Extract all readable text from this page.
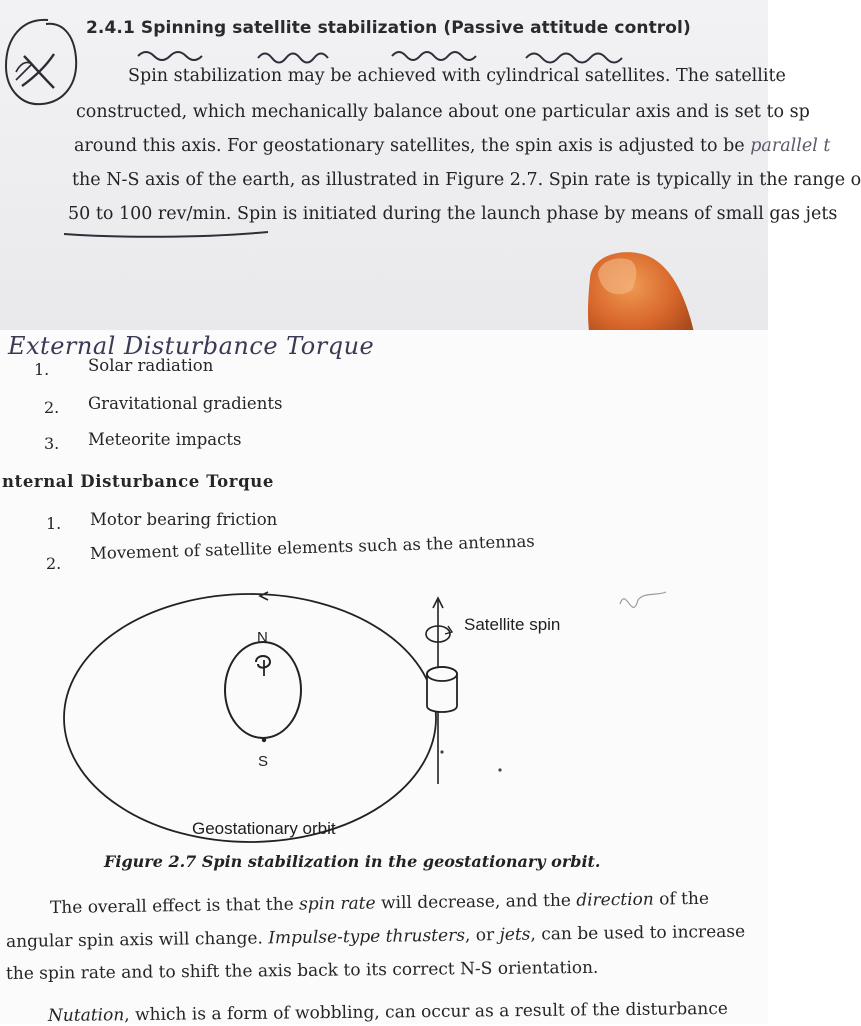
2.4.1 Spinning satellite stabilization (Passive attitude control)
Spin stabilization may be achieved with cylindrical satellites. The satellite
constructed, which mechanically balance about one particular axis and is set to sp
around this axis. For geostationary satellites, the spin axis is adjusted to be parallel t
the N-S axis of the earth, as illustrated in Figure 2.7. Spin rate is typically in the range o
50 to 100 rev/min. Spin is initiated during the launch phase by means of small gas jets
External Disturbance Torque
1. Solar radiation
2. Gravitational gradients
3. Meteorite impacts
nternal Disturbance Torque
1. Motor bearing friction
2.
Movement of satellite elements such as the antennas
N
S
Satellite spin
Geostationary orbit
Figure 2.7 Spin stabilization in the geostationary orbit.
The overall effect is that the spin rate will decrease, and the direction of the
angular spin axis will change. Impulse-type thrusters, or jets, can be used to increase
the spin rate and to shift the axis back to its correct N-S orientation.
Nutation, which is a form of wobbling, can occur as a result of the disturbance
